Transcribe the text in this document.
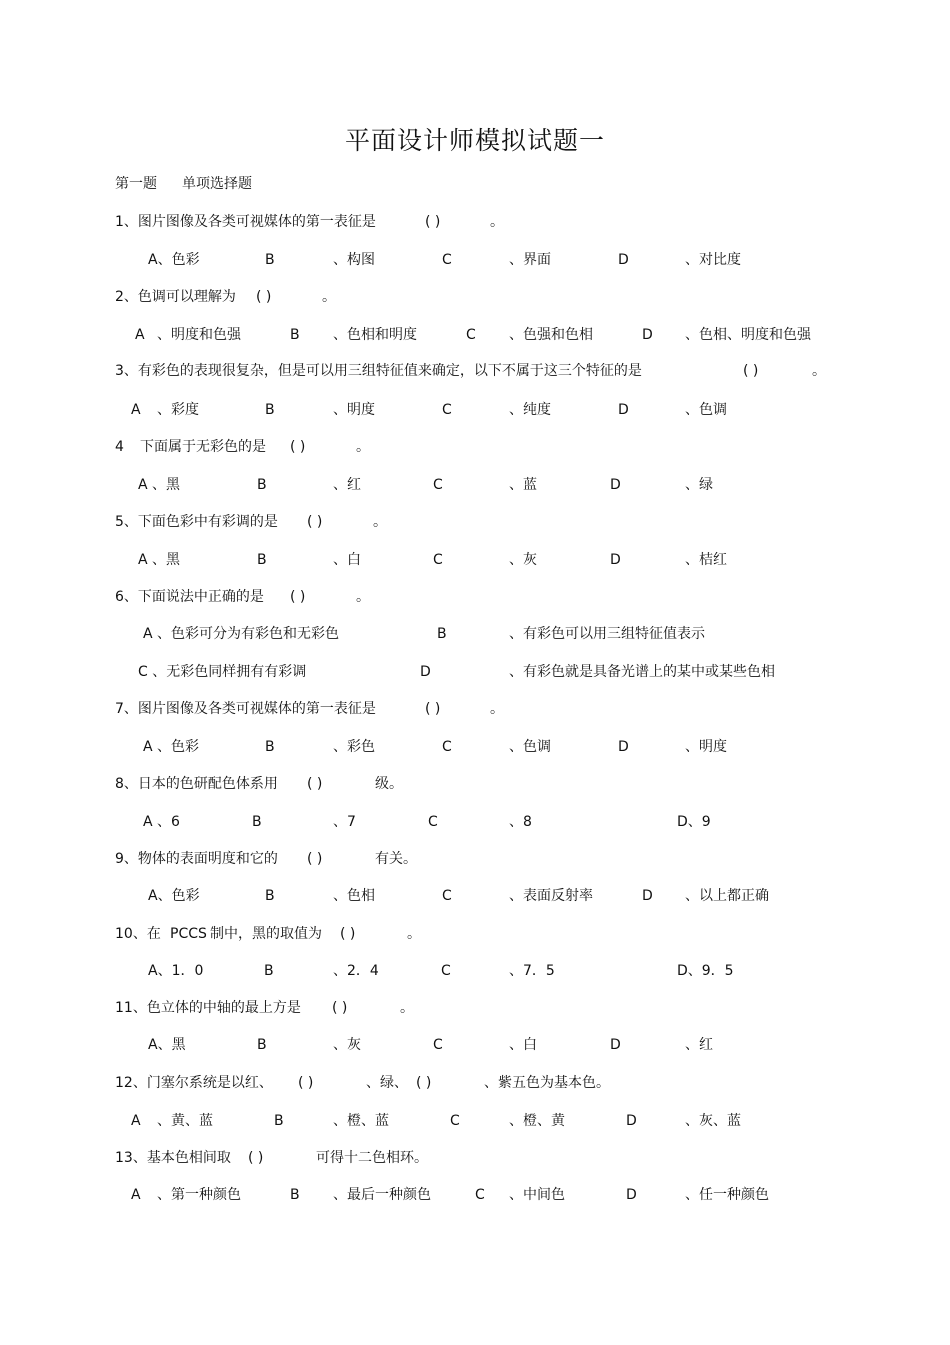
平面设计师模拟试题一
第一题 单项选择题
1、图片图像及各类可视媒体的第一表征是	( )	。
A、色彩	B	、构图	C	、界面	D	、对比度
2、色调可以理解为 ( )	。
A 、明度和色强	B 、色相和明度	C 、色强和色相	D 、色相、明度和色强
3、有彩色的表现很复杂，但是可以用三组特征值来确定，以下不属于这三个特征的是	( )	。
A 、彩度	B	、明度	C	、纯度	D	、色调
4 下面属于无彩色的是 ( )	。
A 、黑	B	、红	C	、蓝	D	、绿
5、下面色彩中有彩调的是 ( )	。
A 、黑	B	、白	C	、灰	D	、桔红
6、下面说法中正确的是 ( )	。
A 、色彩可分为有彩色和无彩色	B	、有彩色可以用三组特征值表示
C 、无彩色同样拥有有彩调	D	、有彩色就是具备光谱上的某中或某些色相
7、图片图像及各类可视媒体的第一表征是	( )	。
A 、色彩	B	、彩色	C	、色调	D	、明度
8、日本的色研配色体系用 ( )	级。
A 、6	B	、7	C	、8	D、9
9、物体的表面明度和它的 ( )	有关。
A、色彩	B	、色相	C	、表面反射率	D 、以上都正确
10、在 PCCS 制中，黑的取值为 ( )	。
A、1．0	B	、2．4	C	、7．5	D、9．5
11、色立体的中轴的最上方是 ( )	。
A、黑	B	、灰	C	、白	D	、红
12、门塞尔系统是以红、 ( )	、绿、 ( )	、紫五色为基本色。
A 、黄、蓝	B	、橙、蓝	C	、橙、黄	D	、灰、蓝
13、基本色相间取 ( )	可得十二色相环。
A 、第一种颜色	B 、最后一种颜色	C 、中间色	D	、任一种颜色
